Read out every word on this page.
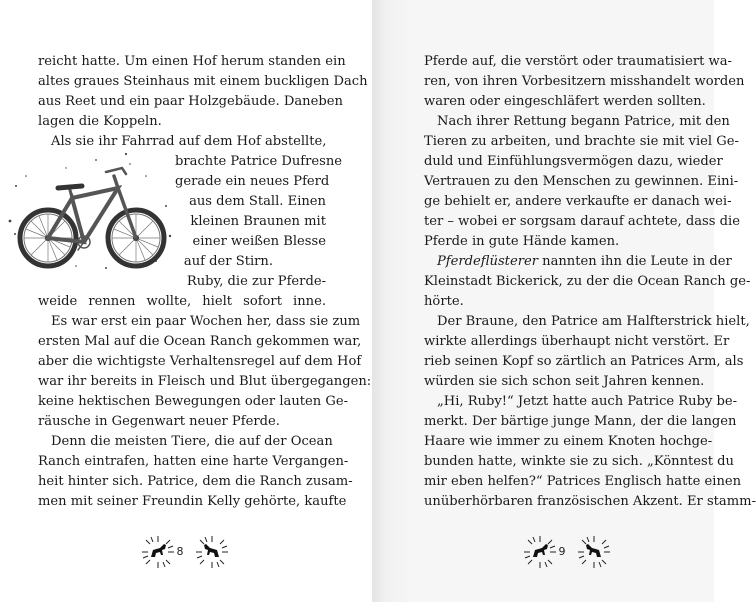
reicht hatte. Um einen Hof herum standen ein

altes graues Steinhaus mit einem buckligen Dach

aus Reet und ein paar Holzgebäude. Daneben

lagen die Koppeln.

Als sie ihr Fahrrad auf dem Hof abstellte,

brachte Patrice Dufresne

gerade ein neues Pferd

aus dem Stall. Einen

kleinen Braunen mit

einer weißen Blesse

auf der Stirn.

Ruby, die zur Pferde-

weide rennen wollte, hielt sofort inne.

Es war erst ein paar Wochen her, dass sie zum

ersten Mal auf die Ocean Ranch gekommen war,

aber die wichtigste Verhaltensregel auf dem Hof

war ihr bereits in Fleisch und Blut übergegangen:

keine hektischen Bewegungen oder lauten Ge-

räusche in Gegenwart neuer Pferde.

Denn die meisten Tiere, die auf der Ocean

Ranch eintrafen, hatten eine harte Vergangen-

heit hinter sich. Patrice, dem die Ranch zusam-

men mit seiner Freundin Kelly gehörte, kaufte

8

Pferde auf, die verstört oder traumatisiert wa-

ren, von ihren Vorbesitzern misshandelt worden

waren oder eingeschläfert werden sollten.

Nach ihrer Rettung begann Patrice, mit den

Tieren zu arbeiten, und brachte sie mit viel Ge-

duld und Einfühlungsvermögen dazu, wieder

Vertrauen zu den Menschen zu gewinnen. Eini-

ge behielt er, andere verkaufte er danach wei-

ter – wobei er sorgsam darauf achtete, dass die

Pferde in gute Hände kamen.

Pferdeflüsterer nannten ihn die Leute in der

Kleinstadt Bickerick, zu der die Ocean Ranch ge-

hörte.

Der Braune, den Patrice am Halfterstrick hielt,

wirkte allerdings überhaupt nicht verstört. Er

rieb seinen Kopf so zärtlich an Patrices Arm, als

würden sie sich schon seit Jahren kennen.

„Hi, Ruby!“ Jetzt hatte auch Patrice Ruby be-

merkt. Der bärtige junge Mann, der die langen

Haare wie immer zu einem Knoten hochge-

bunden hatte, winkte sie zu sich. „Könntest du

mir eben helfen?“ Patrices Englisch hatte einen

unüberhörbaren französischen Akzent. Er stamm-

9
